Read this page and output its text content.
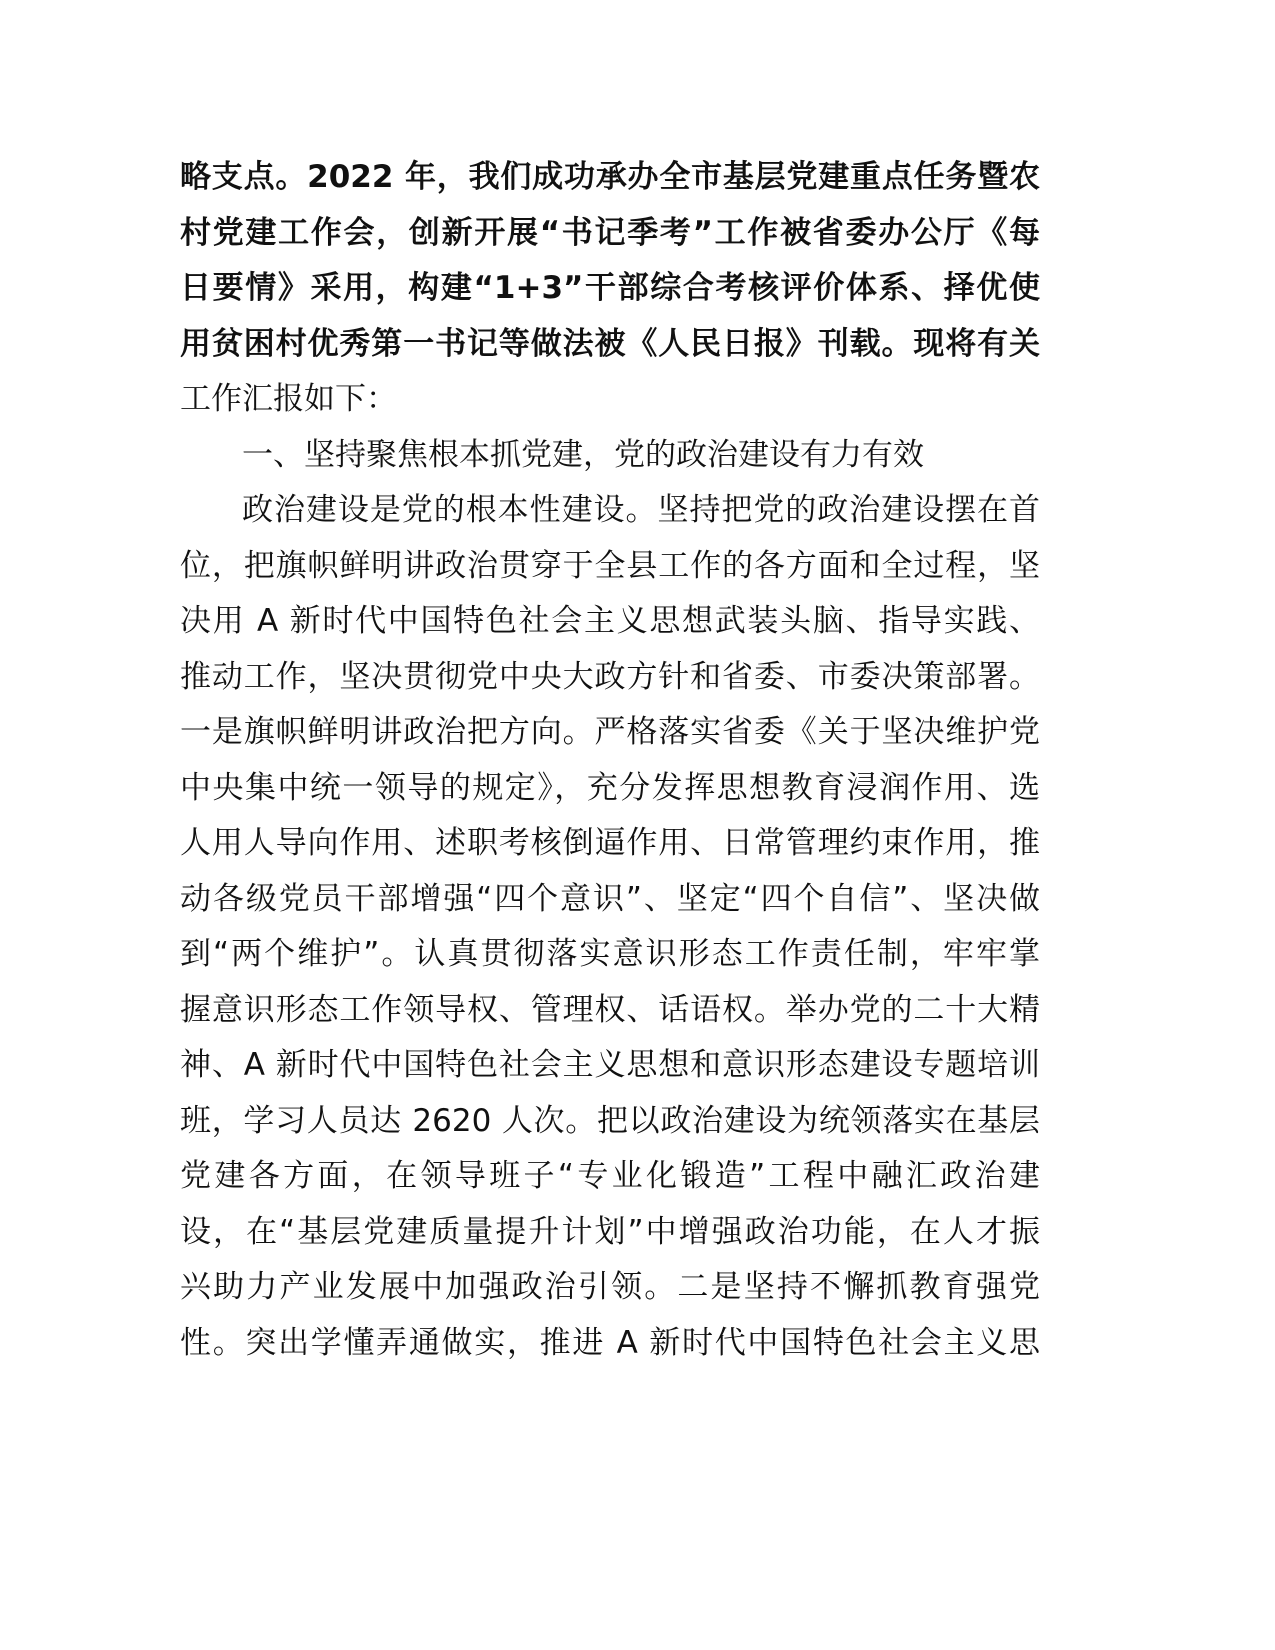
略支点。2022 年，我们成功承办全市基层党建重点任务暨农
村党建工作会，创新开展“书记季考”工作被省委办公厅《每
日要情》采用，构建“1+3”干部综合考核评价体系、择优使
用贫困村优秀第一书记等做法被《人民日报》刊载。现将有关
工作汇报如下：
一、坚持聚焦根本抓党建，党的政治建设有力有效
政治建设是党的根本性建设。坚持把党的政治建设摆在首
位，把旗帜鲜明讲政治贯穿于全县工作的各方面和全过程，坚
决用 A 新时代中国特色社会主义思想武装头脑、指导实践、
推动工作，坚决贯彻党中央大政方针和省委、市委决策部署。
一是旗帜鲜明讲政治把方向。严格落实省委《关于坚决维护党
中央集中统一领导的规定》，充分发挥思想教育浸润作用、选
人用人导向作用、述职考核倒逼作用、日常管理约束作用，推
动各级党员干部增强“四个意识”、坚定“四个自信”、坚决做
到“两个维护”。认真贯彻落实意识形态工作责任制，牢牢掌
握意识形态工作领导权、管理权、话语权。举办党的二十大精
神、A 新时代中国特色社会主义思想和意识形态建设专题培训
班，学习人员达 2620 人次。把以政治建设为统领落实在基层
党建各方面，在领导班子“专业化锻造”工程中融汇政治建
设，在“基层党建质量提升计划”中增强政治功能，在人才振
兴助力产业发展中加强政治引领。二是坚持不懈抓教育强党
性。突出学懂弄通做实，推进 A 新时代中国特色社会主义思
